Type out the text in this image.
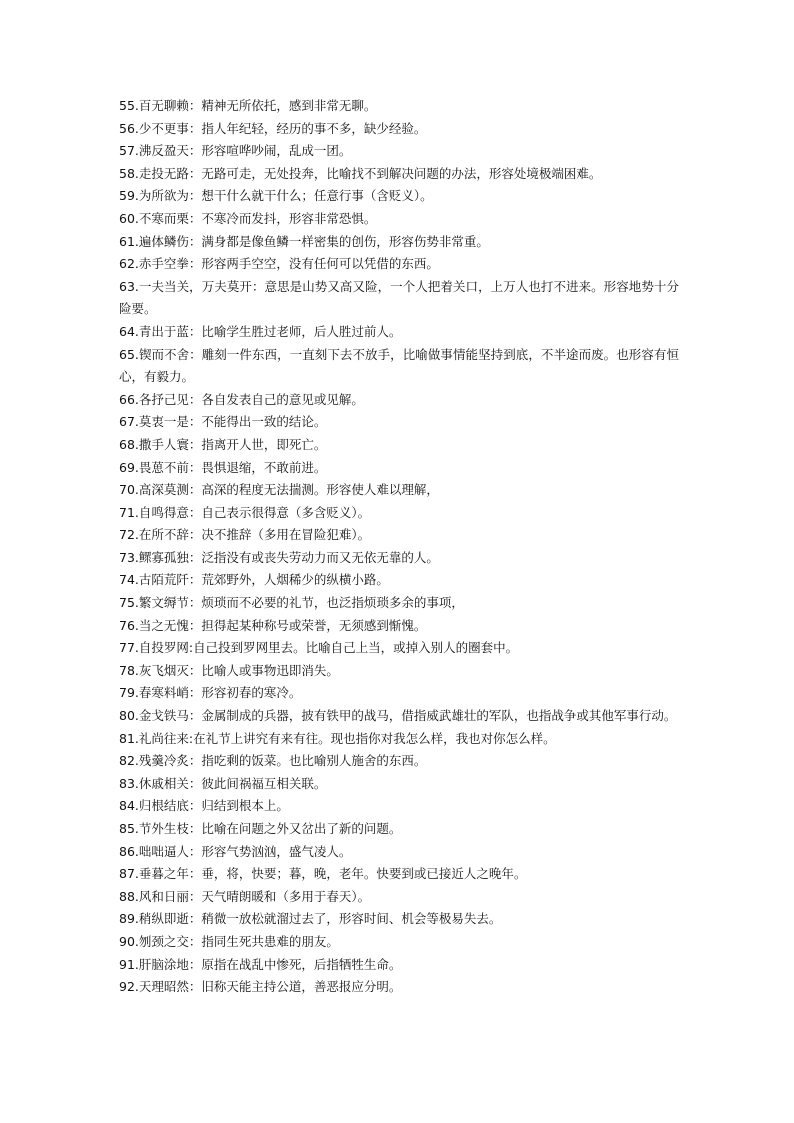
55.百无聊赖：精神无所依托，感到非常无聊。

56.少不更事：指人年纪轻，经历的事不多，缺少经验。

57.沸反盈天：形容喧哗吵闹，乱成一团。

58.走投无路：无路可走，无处投奔，比喻找不到解决问题的办法，形容处境极端困难。

59.为所欲为：想干什么就干什么；任意行事（含贬义）。

60.不寒而栗：不寒冷而发抖，形容非常恐惧。

61.遍体鳞伤：满身都是像鱼鳞一样密集的创伤，形容伤势非常重。

62.赤手空拳：形容两手空空，没有任何可以凭借的东西。

63.一夫当关，万夫莫开：意思是山势又高又险，一个人把着关口，上万人也打不进来。形容地势十分险要。

64.青出于蓝：比喻学生胜过老师，后人胜过前人。

65.锲而不舍：雕刻一件东西，一直刻下去不放手，比喻做事情能坚持到底，不半途而废。也形容有恒心，有毅力。

66.各抒己见：各自发表自己的意见或见解。

67.莫衷一是：不能得出一致的结论。

68.撒手人寰：指离开人世，即死亡。

69.畏葸不前：畏惧退缩，不敢前进。

70.高深莫测：高深的程度无法揣测。形容使人难以理解，

71.自鸣得意：自己表示很得意（多含贬义）。

72.在所不辞：决不推辞（多用在冒险犯难）。

73.鳏寡孤独：泛指没有或丧失劳动力而又无依无靠的人。

74.古陌荒阡：荒郊野外，人烟稀少的纵横小路。

75.繁文缛节：烦琐而不必要的礼节，也泛指烦琐多余的事项，

76.当之无愧：担得起某种称号或荣誉，无须感到惭愧。

77.自投罗网:自己投到罗网里去。比喻自己上当，或掉入别人的圈套中。

78.灰飞烟灭：比喻人或事物迅即消失。

79.春寒料峭：形容初春的寒冷。

80.金戈铁马：金属制成的兵器，披有铁甲的战马，借指威武雄壮的军队，也指战争或其他军事行动。

81.礼尚往来:在礼节上讲究有来有往。现也指你对我怎么样，我也对你怎么样。

82.残羹冷炙：指吃剩的饭菜。也比喻别人施舍的东西。

83.休戚相关：彼此间祸福互相关联。

84.归根结底：归结到根本上。

85.节外生枝：比喻在问题之外又岔出了新的问题。

86.咄咄逼人：形容气势汹汹，盛气凌人。

87.垂暮之年：垂，将，快要；暮，晚，老年。快要到或已接近人之晚年。

88.风和日丽：天气晴朗暖和（多用于春天）。

89.稍纵即逝：稍微一放松就溜过去了，形容时间、机会等极易失去。

90.刎颈之交：指同生死共患难的朋友。

91.肝脑涂地：原指在战乱中惨死，后指牺牲生命。

92.天理昭然：旧称天能主持公道，善恶报应分明。
